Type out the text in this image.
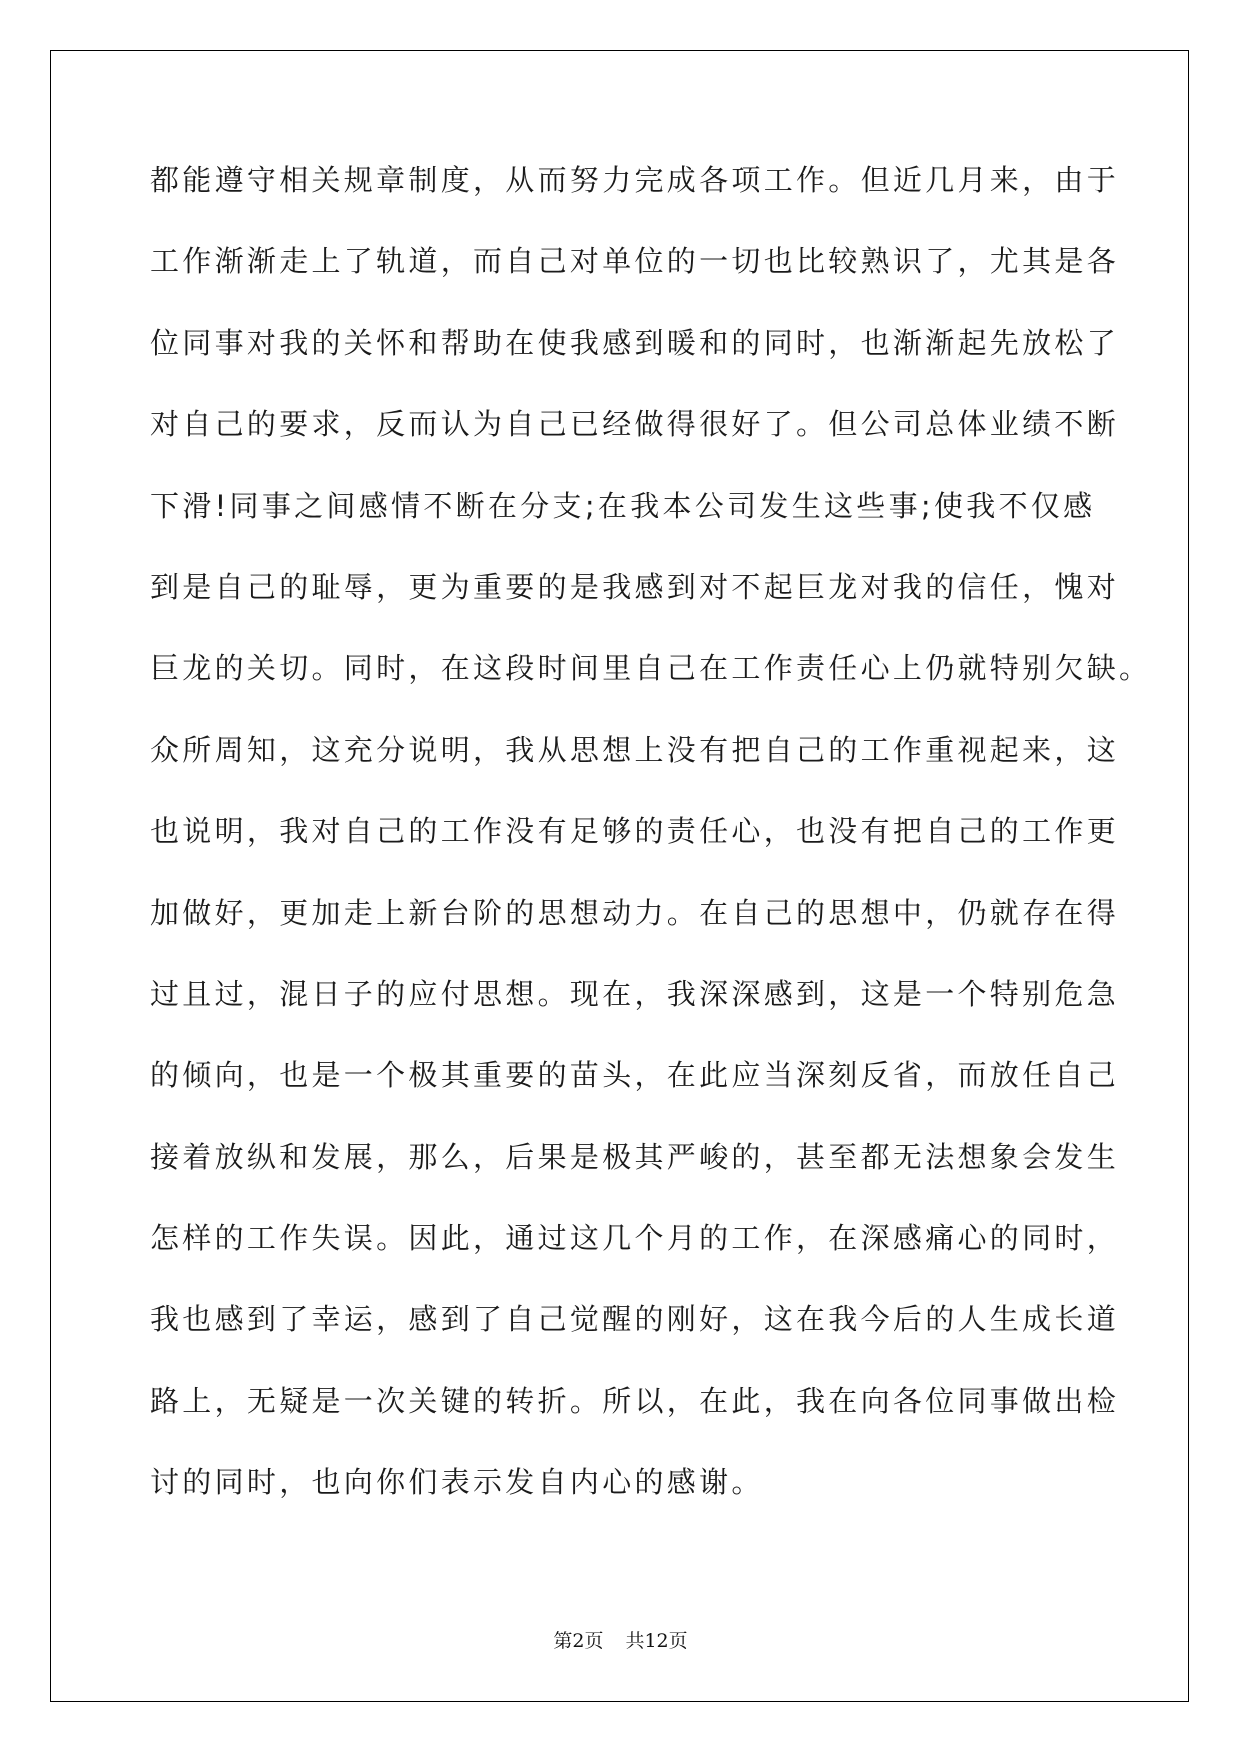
都能遵守相关规章制度，从而努力完成各项工作。但近几月来，由于
工作渐渐走上了轨道，而自己对单位的一切也比较熟识了，尤其是各
位同事对我的关怀和帮助在使我感到暖和的同时，也渐渐起先放松了
对自己的要求，反而认为自己已经做得很好了。但公司总体业绩不断
下滑!同事之间感情不断在分支;在我本公司发生这些事;使我不仅感
到是自己的耻辱，更为重要的是我感到对不起巨龙对我的信任，愧对
巨龙的关切。同时，在这段时间里自己在工作责任心上仍就特别欠缺。
众所周知，这充分说明，我从思想上没有把自己的工作重视起来，这
也说明，我对自己的工作没有足够的责任心，也没有把自己的工作更
加做好，更加走上新台阶的思想动力。在自己的思想中，仍就存在得
过且过，混日子的应付思想。现在，我深深感到，这是一个特别危急
的倾向，也是一个极其重要的苗头，在此应当深刻反省，而放任自己
接着放纵和发展，那么，后果是极其严峻的，甚至都无法想象会发生
怎样的工作失误。因此，通过这几个月的工作，在深感痛心的同时，
我也感到了幸运，感到了自己觉醒的刚好，这在我今后的人生成长道
路上，无疑是一次关键的转折。所以，在此，我在向各位同事做出检
讨的同时，也向你们表示发自内心的感谢。
第2页 共12页
